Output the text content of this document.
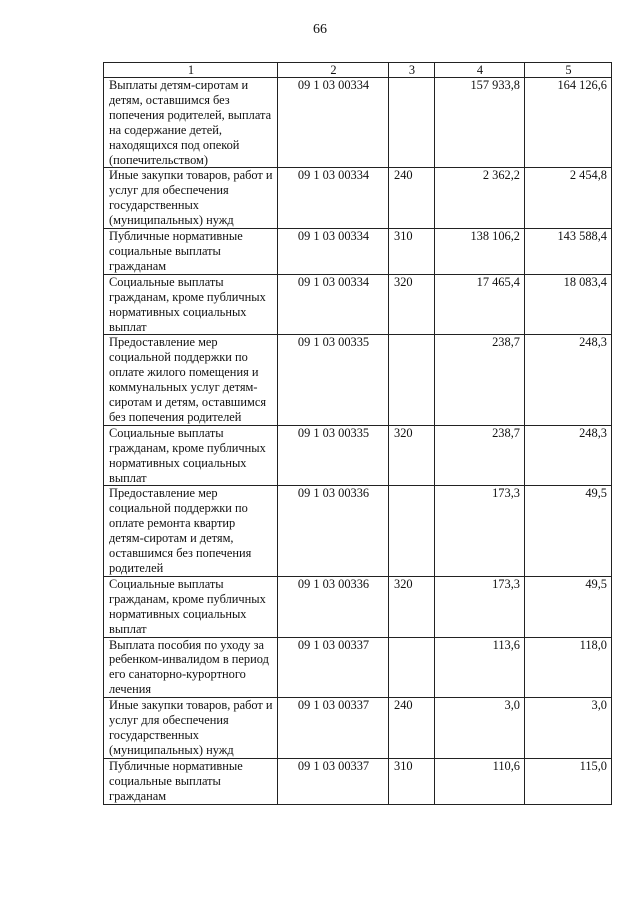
66
1	2	3	4	5
Выплаты детям-сиротам и детям, оставшимся без попечения родителей, выплата на содержание детей, находящихся под опекой (попечительством)	09 1 03 00334		157 933,8	164 126,6
Иные закупки товаров, работ и услуг для обеспечения государственных (муниципальных) нужд	09 1 03 00334	240	2 362,2	2 454,8
Публичные нормативные социальные выплаты гражданам	09 1 03 00334	310	138 106,2	143 588,4
Социальные выплаты гражданам, кроме публичных нормативных социальных выплат	09 1 03 00334	320	17 465,4	18 083,4
Предоставление мер социальной поддержки по оплате жилого помещения и коммунальных услуг детям-сиротам и детям, оставшимся без попечения родителей	09 1 03 00335		238,7	248,3
Социальные выплаты гражданам, кроме публичных нормативных социальных выплат	09 1 03 00335	320	238,7	248,3
Предоставление мер социальной поддержки по оплате ремонта квартир детям-сиротам и детям, оставшимся без попечения родителей	09 1 03 00336		173,3	49,5
Социальные выплаты гражданам, кроме публичных нормативных социальных выплат	09 1 03 00336	320	173,3	49,5
Выплата пособия по уходу за ребенком-инвалидом в период его санаторно-курортного лечения	09 1 03 00337		113,6	118,0
Иные закупки товаров, работ и услуг для обеспечения государственных (муниципальных) нужд	09 1 03 00337	240	3,0	3,0
Публичные нормативные социальные выплаты гражданам	09 1 03 00337	310	110,6	115,0
